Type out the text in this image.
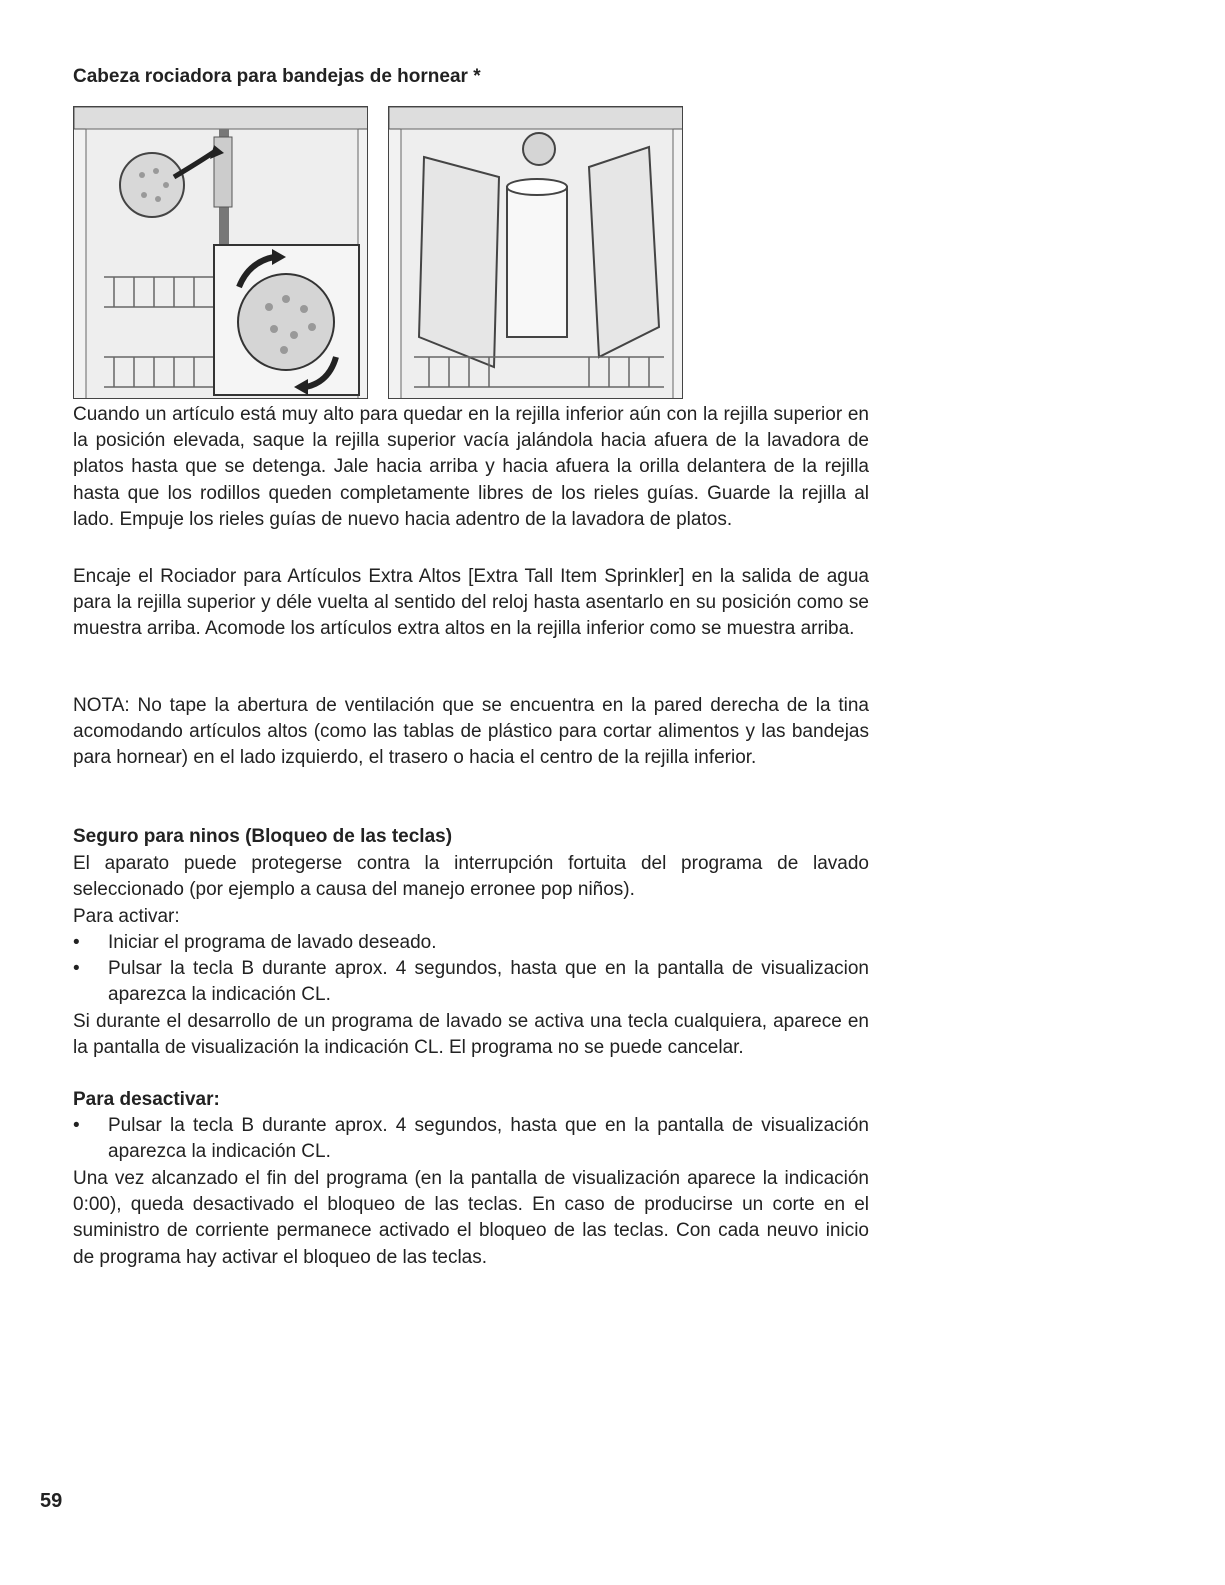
Cabeza rociadora para bandejas de hornear *

Cuando un artículo está muy alto para quedar en la rejilla inferior aún con la rejilla superior en la posición elevada, saque la rejilla superior vacía jalándola hacia afuera de la lavadora de platos hasta que se detenga. Jale hacia arriba y hacia afuera la orilla delantera de la rejilla hasta que los rodillos queden completamente libres de los rieles guías. Guarde la rejilla al lado. Empuje los rieles guías de nuevo hacia adentro de la lavadora de platos.

Encaje el Rociador para Artículos Extra Altos [Extra Tall Item Sprinkler] en la salida de agua para la rejilla superior y déle vuelta al sentido del reloj hasta asentarlo en su posición como se muestra arriba. Acomode los artículos extra altos en la rejilla inferior como se muestra arriba.

NOTA: No tape la abertura de ventilación que se encuentra en la pared derecha de la tina acomodando artículos altos (como las tablas de plástico para cortar alimentos y las bandejas para hornear) en el lado izquierdo, el trasero o hacia el centro de la rejilla inferior.

Seguro para ninos (Bloqueo de las teclas)

El aparato puede protegerse contra la interrupción fortuita del programa de lavado seleccionado (por ejemplo a causa del manejo erronee pop niños).

Para activar:

• Iniciar el programa de lavado deseado.
• Pulsar la tecla B durante aprox. 4 segundos, hasta que en la pantalla de visualizacion aparezca la indicación CL.

Si durante el desarrollo de un programa de lavado se activa una tecla cualquiera, aparece en la pantalla de visualización la indicación CL. El programa no se puede cancelar.

Para desactivar:

• Pulsar la tecla B durante aprox. 4 segundos, hasta que en la pantalla de visualización aparezca la indicación CL.

Una vez alcanzado el fin del programa (en la pantalla de visualización aparece la indicación 0:00), queda desactivado el bloqueo de las teclas. En caso de producirse un corte en el suministro de corriente permanece activado el bloqueo de las teclas. Con cada neuvo inicio de programa hay activar el bloqueo de las teclas.

59
